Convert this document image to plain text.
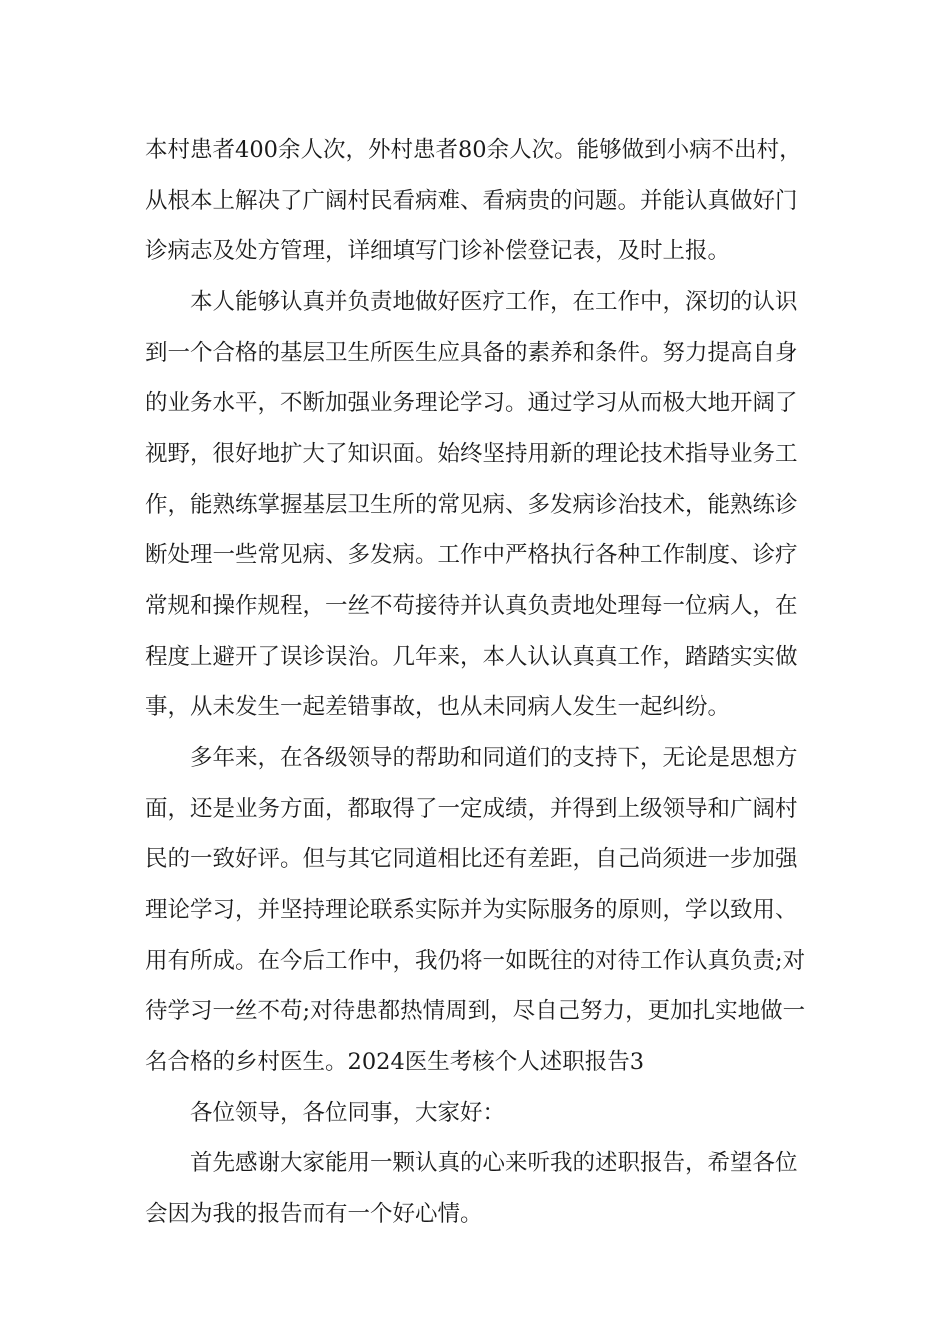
本村患者400余人次，外村患者80余人次。能够做到小病不出村，
从根本上解决了广阔村民看病难、看病贵的问题。并能认真做好门
诊病志及处方管理，详细填写门诊补偿登记表，及时上报。
本人能够认真并负责地做好医疗工作，在工作中，深切的认识
到一个合格的基层卫生所医生应具备的素养和条件。努力提高自身
的业务水平，不断加强业务理论学习。通过学习从而极大地开阔了
视野，很好地扩大了知识面。始终坚持用新的理论技术指导业务工
作，能熟练掌握基层卫生所的常见病、多发病诊治技术，能熟练诊
断处理一些常见病、多发病。工作中严格执行各种工作制度、诊疗
常规和操作规程，一丝不苟接待并认真负责地处理每一位病人，在
程度上避开了误诊误治。几年来，本人认认真真工作，踏踏实实做
事，从未发生一起差错事故，也从未同病人发生一起纠纷。
多年来，在各级领导的帮助和同道们的支持下，无论是思想方
面，还是业务方面，都取得了一定成绩，并得到上级领导和广阔村
民的一致好评。但与其它同道相比还有差距，自己尚须进一步加强
理论学习，并坚持理论联系实际并为实际服务的原则，学以致用、
用有所成。在今后工作中，我仍将一如既往的对待工作认真负责;对
待学习一丝不苟;对待患都热情周到，尽自己努力，更加扎实地做一
名合格的乡村医生。2024医生考核个人述职报告3
各位领导，各位同事，大家好：
首先感谢大家能用一颗认真的心来听我的述职报告，希望各位
会因为我的报告而有一个好心情。
